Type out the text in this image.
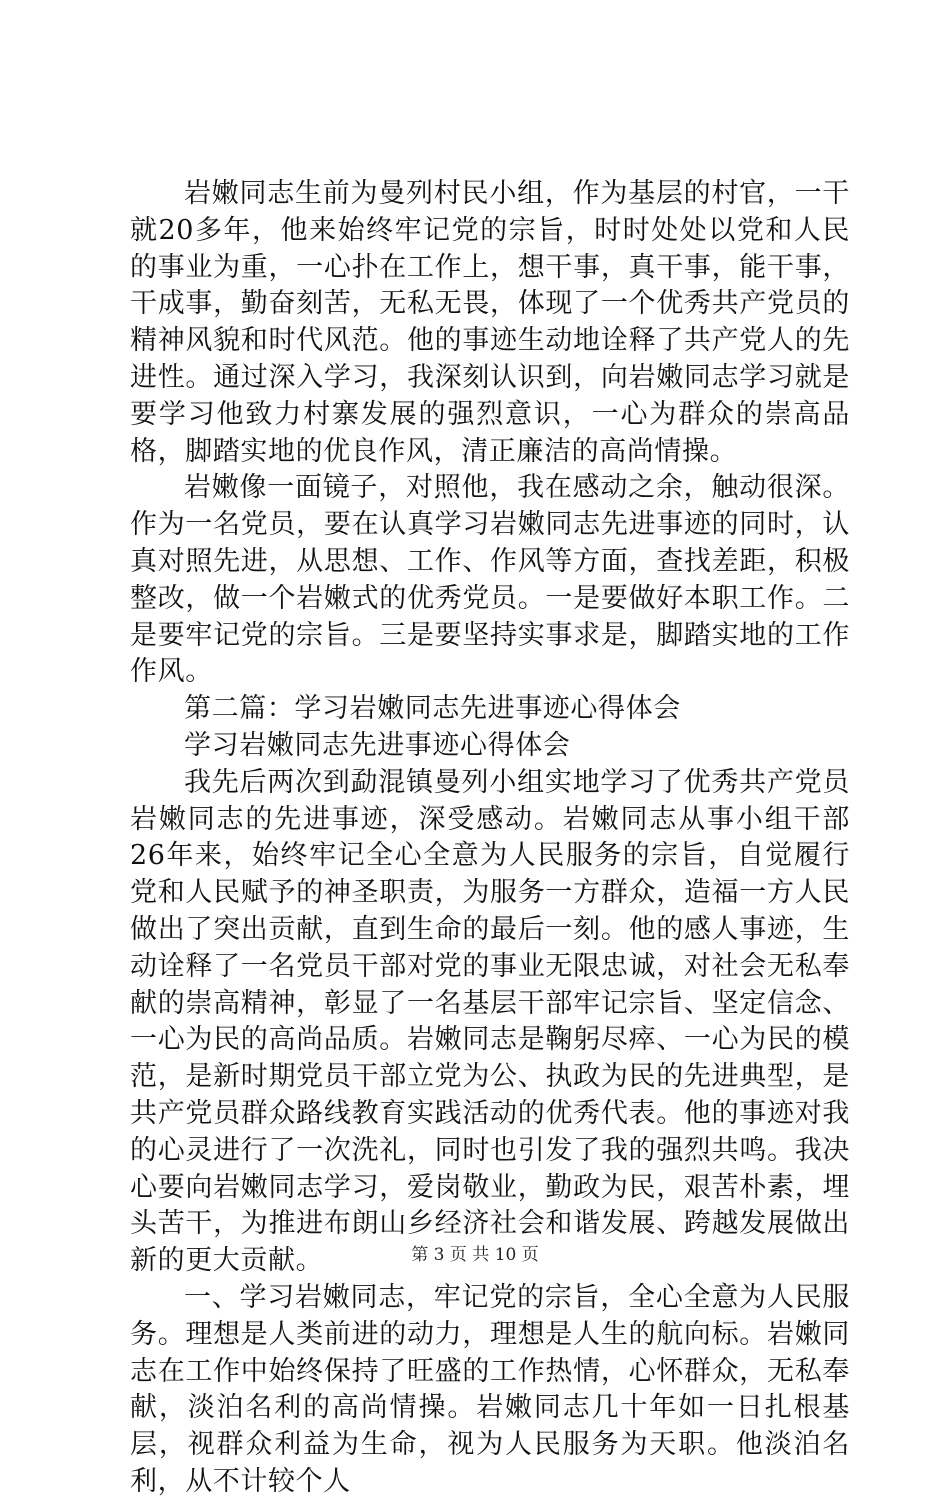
岩嫩同志生前为曼列村民小组，作为基层的村官，一干就20多年，他来始终牢记党的宗旨，时时处处以党和人民的事业为重，一心扑在工作上，想干事，真干事，能干事，干成事，勤奋刻苦，无私无畏，体现了一个优秀共产党员的精神风貌和时代风范。他的事迹生动地诠释了共产党人的先进性。通过深入学习，我深刻认识到，向岩嫩同志学习就是要学习他致力村寨发展的强烈意识，一心为群众的崇高品格，脚踏实地的优良作风，清正廉洁的高尚情操。

岩嫩像一面镜子，对照他，我在感动之余，触动很深。作为一名党员，要在认真学习岩嫩同志先进事迹的同时，认真对照先进，从思想、工作、作风等方面，查找差距，积极整改，做一个岩嫩式的优秀党员。一是要做好本职工作。二是要牢记党的宗旨。三是要坚持实事求是，脚踏实地的工作作风。

第二篇：学习岩嫩同志先进事迹心得体会

学习岩嫩同志先进事迹心得体会

我先后两次到勐混镇曼列小组实地学习了优秀共产党员岩嫩同志的先进事迹，深受感动。岩嫩同志从事小组干部26年来，始终牢记全心全意为人民服务的宗旨，自觉履行党和人民赋予的神圣职责，为服务一方群众，造福一方人民做出了突出贡献，直到生命的最后一刻。他的感人事迹，生动诠释了一名党员干部对党的事业无限忠诚，对社会无私奉献的崇高精神，彰显了一名基层干部牢记宗旨、坚定信念、一心为民的高尚品质。岩嫩同志是鞠躬尽瘁、一心为民的模范，是新时期党员干部立党为公、执政为民的先进典型，是共产党员群众路线教育实践活动的优秀代表。他的事迹对我的心灵进行了一次洗礼，同时也引发了我的强烈共鸣。我决心要向岩嫩同志学习，爱岗敬业，勤政为民，艰苦朴素，埋头苦干，为推进布朗山乡经济社会和谐发展、跨越发展做出新的更大贡献。

一、学习岩嫩同志，牢记党的宗旨，全心全意为人民服务。理想是人类前进的动力，理想是人生的航向标。岩嫩同志在工作中始终保持了旺盛的工作热情，心怀群众，无私奉献，淡泊名利的高尚情操。岩嫩同志几十年如一日扎根基层，视群众利益为生命，视为人民服务为天职。他淡泊名利，从不计较个人

第 3 页 共 10 页
